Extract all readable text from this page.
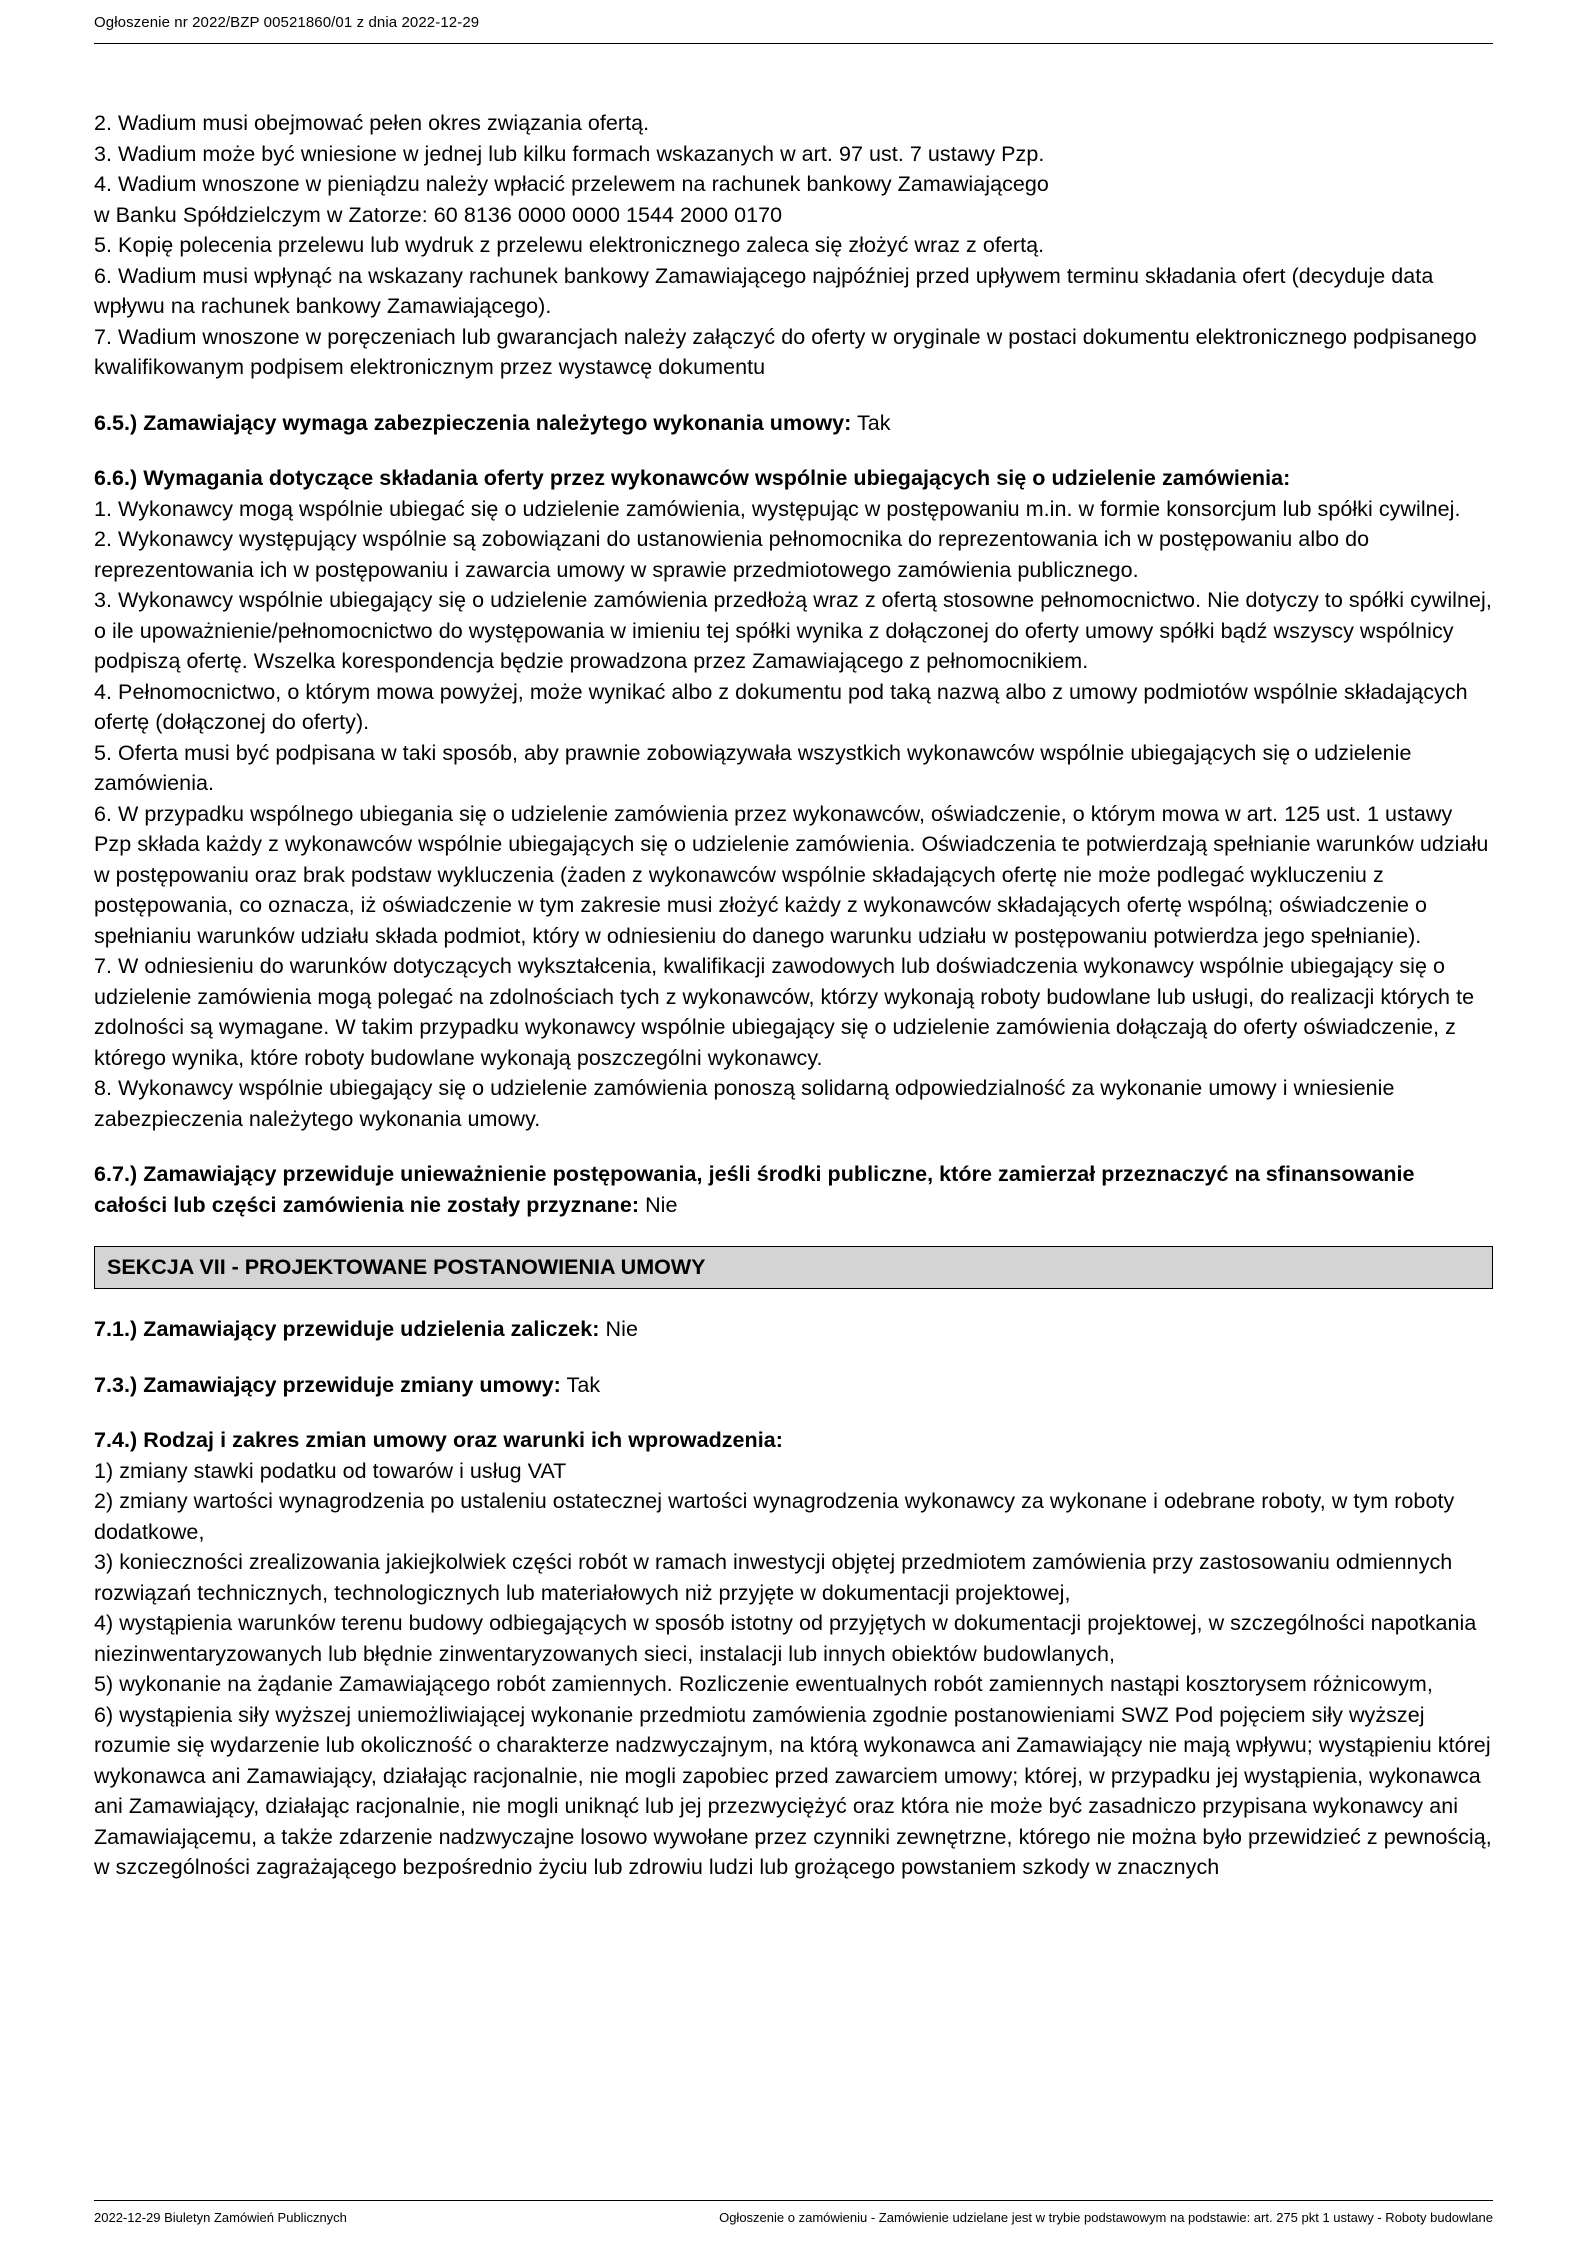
Ogłoszenie nr 2022/BZP 00521860/01 z dnia 2022-12-29

2. Wadium musi obejmować pełen okres związania ofertą.

3. Wadium może być wniesione w jednej lub kilku formach wskazanych w art. 97 ust. 7 ustawy Pzp.

4. Wadium wnoszone w pieniądzu należy wpłacić przelewem na rachunek bankowy Zamawiającego

w Banku Spółdzielczym w Zatorze: 60 8136 0000 0000 1544 2000 0170

5. Kopię polecenia przelewu lub wydruk z przelewu elektronicznego zaleca się złożyć wraz z ofertą.

6. Wadium musi wpłynąć na wskazany rachunek bankowy Zamawiającego najpóźniej przed upływem terminu składania ofert (decyduje data wpływu na rachunek bankowy Zamawiającego).

7. Wadium wnoszone w poręczeniach lub gwarancjach należy załączyć do oferty w oryginale w postaci dokumentu elektronicznego podpisanego kwalifikowanym podpisem elektronicznym przez wystawcę dokumentu

6.5.) Zamawiający wymaga zabezpieczenia należytego wykonania umowy: Tak

6.6.) Wymagania dotyczące składania oferty przez wykonawców wspólnie ubiegających się o udzielenie zamówienia:

1. Wykonawcy mogą wspólnie ubiegać się o udzielenie zamówienia, występując w postępowaniu m.in. w formie konsorcjum lub spółki cywilnej.

2. Wykonawcy występujący wspólnie są zobowiązani do ustanowienia pełnomocnika do reprezentowania ich w postępowaniu albo do reprezentowania ich w postępowaniu i zawarcia umowy w sprawie przedmiotowego zamówienia publicznego.

3. Wykonawcy wspólnie ubiegający się o udzielenie zamówienia przedłożą wraz z ofertą stosowne pełnomocnictwo. Nie dotyczy to spółki cywilnej, o ile upoważnienie/pełnomocnictwo do występowania w imieniu tej spółki wynika z dołączonej do oferty umowy spółki bądź wszyscy wspólnicy podpiszą ofertę. Wszelka korespondencja będzie prowadzona przez Zamawiającego z pełnomocnikiem.

4. Pełnomocnictwo, o którym mowa powyżej, może wynikać albo z dokumentu pod taką nazwą albo z umowy podmiotów wspólnie składających ofertę (dołączonej do oferty).

5. Oferta musi być podpisana w taki sposób, aby prawnie zobowiązywała wszystkich wykonawców wspólnie ubiegających się o udzielenie zamówienia.

6. W przypadku wspólnego ubiegania się o udzielenie zamówienia przez wykonawców, oświadczenie, o którym mowa w art. 125 ust. 1 ustawy Pzp składa każdy z wykonawców wspólnie ubiegających się o udzielenie zamówienia. Oświadczenia te potwierdzają spełnianie warunków udziału w postępowaniu oraz brak podstaw wykluczenia (żaden z wykonawców wspólnie składających ofertę nie może podlegać wykluczeniu z postępowania, co oznacza, iż oświadczenie w tym zakresie musi złożyć każdy z wykonawców składających ofertę wspólną; oświadczenie o spełnianiu warunków udziału składa podmiot, który w odniesieniu do danego warunku udziału w postępowaniu potwierdza jego spełnianie).

7. W odniesieniu do warunków dotyczących wykształcenia, kwalifikacji zawodowych lub doświadczenia wykonawcy wspólnie ubiegający się o udzielenie zamówienia mogą polegać na zdolnościach tych z wykonawców, którzy wykonają roboty budowlane lub usługi, do realizacji których te zdolności są wymagane. W takim przypadku wykonawcy wspólnie ubiegający się o udzielenie zamówienia dołączają do oferty oświadczenie, z którego wynika, które roboty budowlane wykonają poszczególni wykonawcy.

8. Wykonawcy wspólnie ubiegający się o udzielenie zamówienia ponoszą solidarną odpowiedzialność za wykonanie umowy i wniesienie zabezpieczenia należytego wykonania umowy.

6.7.) Zamawiający przewiduje unieważnienie postępowania, jeśli środki publiczne, które zamierzał przeznaczyć na sfinansowanie całości lub części zamówienia nie zostały przyznane: Nie

SEKCJA VII - PROJEKTOWANE POSTANOWIENIA UMOWY

7.1.) Zamawiający przewiduje udzielenia zaliczek: Nie

7.3.) Zamawiający przewiduje zmiany umowy: Tak

7.4.) Rodzaj i zakres zmian umowy oraz warunki ich wprowadzenia:

1) zmiany stawki podatku od towarów i usług VAT

2) zmiany wartości wynagrodzenia po ustaleniu ostatecznej wartości wynagrodzenia wykonawcy za wykonane i odebrane roboty, w tym roboty dodatkowe,

3) konieczności zrealizowania jakiejkolwiek części robót w ramach inwestycji objętej przedmiotem zamówienia przy zastosowaniu odmiennych rozwiązań technicznych, technologicznych lub materiałowych niż przyjęte w dokumentacji projektowej,

4) wystąpienia warunków terenu budowy odbiegających w sposób istotny od przyjętych w dokumentacji projektowej, w szczególności napotkania niezinwentaryzowanych lub błędnie zinwentaryzowanych sieci, instalacji lub innych obiektów budowlanych,

5) wykonanie na żądanie Zamawiającego robót zamiennych. Rozliczenie ewentualnych robót zamiennych nastąpi kosztorysem różnicowym,

6) wystąpienia siły wyższej uniemożliwiającej wykonanie przedmiotu zamówienia zgodnie postanowieniami SWZ Pod pojęciem siły wyższej rozumie się wydarzenie lub okoliczność o charakterze nadzwyczajnym, na którą wykonawca ani Zamawiający nie mają wpływu; wystąpieniu której wykonawca ani Zamawiający, działając racjonalnie, nie mogli zapobiec przed zawarciem umowy; której, w przypadku jej wystąpienia, wykonawca ani Zamawiający, działając racjonalnie, nie mogli uniknąć lub jej przezwyciężyć oraz która nie może być zasadniczo przypisana wykonawcy ani Zamawiającemu, a także zdarzenie nadzwyczajne losowo wywołane przez czynniki zewnętrzne, którego nie można było przewidzieć z pewnością, w szczególności zagrażającego bezpośrednio życiu lub zdrowiu ludzi lub grożącego powstaniem szkody w znacznych

2022-12-29 Biuletyn Zamówień Publicznych	Ogłoszenie o zamówieniu - Zamówienie udzielane jest w trybie podstawowym na podstawie: art. 275 pkt 1 ustawy - Roboty budowlane
